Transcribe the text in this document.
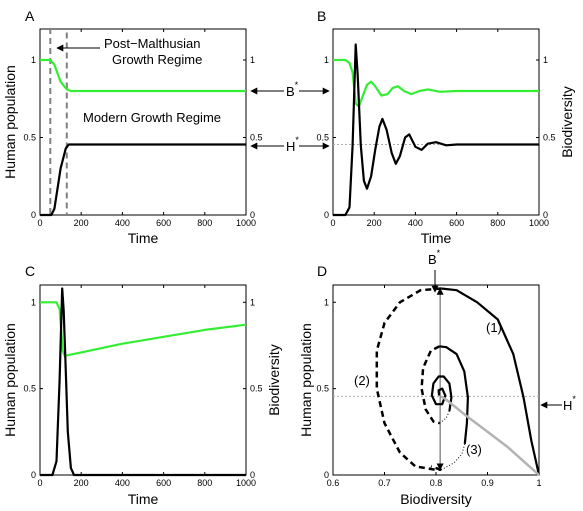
A	B
C	D
0	200	400	600	800	1000
0
0.5
1
0
0.5
1
Time
Human population
Post−Malthusian
Growth Regime
Modern Growth Regime
0	200	400	600	800	1000
0
0.5
1
0
0.5
1
Time
Biodiversity
B*
H*
0	200	400	600	800	1000
0
0.5
1
0
0.5
1
Time
Human population	Biodiversity
0.6	0.7	0.8	0.9	1
0
0.5
1
Biodiversity
Human population	(1)
(2)
(3)
B*
H*
